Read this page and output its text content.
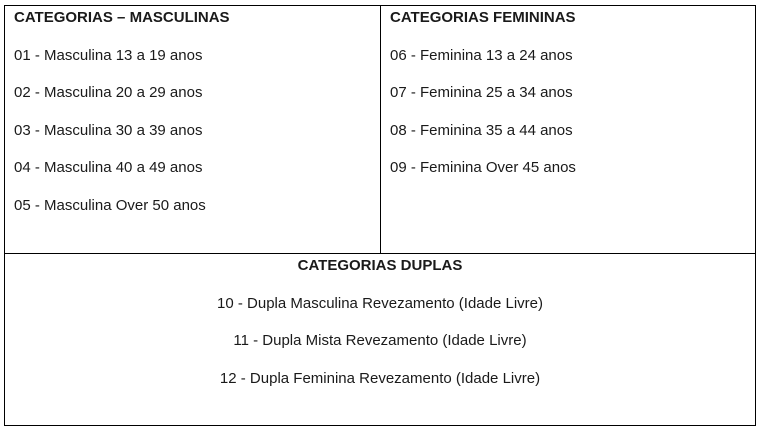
CATEGORIAS – MASCULINAS

01 - Masculina 13 a 19 anos

02 - Masculina 20 a 29 anos

03 - Masculina 30 a 39 anos

04 - Masculina 40 a 49 anos

05 - Masculina Over 50 anos

CATEGORIAS FEMININAS

06 - Feminina 13 a 24 anos

07 - Feminina 25 a 34 anos

08 - Feminina 35 a 44 anos

09 - Feminina Over 45 anos

CATEGORIAS DUPLAS

10 - Dupla Masculina Revezamento (Idade Livre)

11 - Dupla Mista Revezamento (Idade Livre)

12 - Dupla Feminina Revezamento (Idade Livre)
